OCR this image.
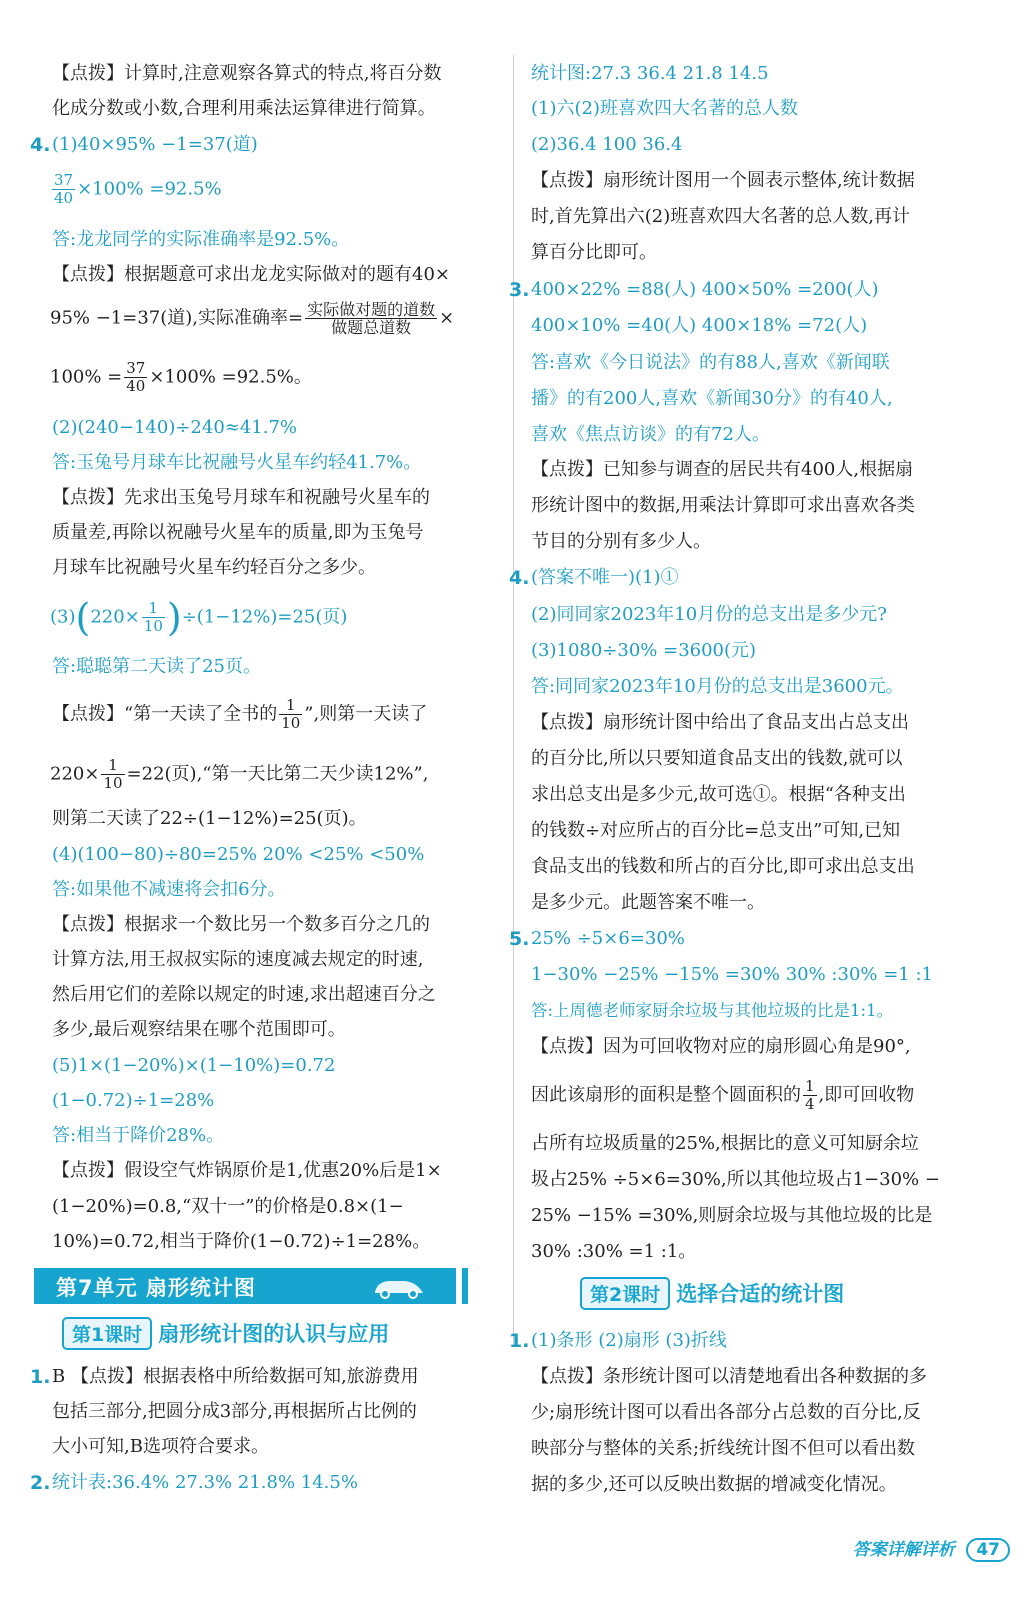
【点拨】计算时,注意观察各算式的特点,将百分数
化成分数或小数,合理利用乘法运算律进行简算。
4. (1)40×95% −1=37(道)
$\frac{37}{40} \times 100\% =92.5\%$
答:龙龙同学的实际准确率是92.5%。
【点拨】根据题意可求出龙龙实际做对的题有40×
95% −1=37(道),实际准确率= $\frac{\text{实际做对题的道数}}{\text{做题总道数}}$ ×
$100\% = \frac{37}{40} \times 100\% =92.5\%$。
(2)(240−140)÷240≈41.7%
答:玉兔号月球车比祝融号火星车约轻41.7%。
【点拨】先求出玉兔号月球车和祝融号火星车的
质量差,再除以祝融号火星车的质量,即为玉兔号
月球车比祝融号火星车约轻百分之多少。
$(3)(220\times \frac{1}{10} )\div(1-12\%)=25$(页)
答:聪聪第二天读了25页。
【点拨】“第一天读了全书的 $\frac{1}{10}$ ”,则第一天读了
$220\times \frac{1}{10} =22$(页),“第一天比第二天少读12%”,
则第二天读了22÷(1−12%)=25(页)。
(4)(100−80)÷80=25% 20% <25% <50%
答:如果他不减速将会扣6分。
【点拨】根据求一个数比另一个数多百分之几的
计算方法,用王叔叔实际的速度减去规定的时速,
然后用它们的差除以规定的时速,求出超速百分之
多少,最后观察结果在哪个范围即可。
(5)1×(1−20%)×(1−10%)=0.72
(1−0.72)÷1=28%
答:相当于降价28%。
【点拨】假设空气炸锅原价是1,优惠20%后是1×
(1−20%)=0.8,“双十一”的价格是0.8×(1−
10%)=0.72,相当于降价(1−0.72)÷1=28%。
第7单元 扇形统计图
第1课时 扇形统计图的认识与应用
1. B 【点拨】根据表格中所给数据可知,旅游费用
包括三部分,把圆分成3部分,再根据所占比例的
大小可知,B选项符合要求。
2. 统计表:36.4% 27.3% 21.8% 14.5%
统计图:27.3 36.4 21.8 14.5
(1)六(2)班喜欢四大名著的总人数
(2)36.4 100 36.4
【点拨】扇形统计图用一个圆表示整体,统计数据
时,首先算出六(2)班喜欢四大名著的总人数,再计
算百分比即可。
3. 400×22% =88(人) 400×50% =200(人)
400×10% =40(人) 400×18% =72(人)
答:喜欢《今日说法》的有88人,喜欢《新闻联
播》的有200人,喜欢《新闻30分》的有40人,
喜欢《焦点访谈》的有72人。
【点拨】已知参与调查的居民共有400人,根据扇
形统计图中的数据,用乘法计算即可求出喜欢各类
节目的分别有多少人。
4. (答案不唯一)(1)①
(2)同同家2023年10月份的总支出是多少元?
(3)1080÷30% =3600(元)
答:同同家2023年10月份的总支出是3600元。
【点拨】扇形统计图中给出了食品支出占总支出
的百分比,所以只要知道食品支出的钱数,就可以
求出总支出是多少元,故可选①。根据“各种支出
的钱数÷对应所占的百分比=总支出”可知,已知
食品支出的钱数和所占的百分比,即可求出总支出
是多少元。此题答案不唯一。
5. 25% ÷5×6=30%
1−30% −25% −15% =30% 30% :30% =1 :1
答:上周德老师家厨余垃圾与其他垃圾的比是1:1。
【点拨】因为可回收物对应的扇形圆心角是90°,
因此该扇形的面积是整个圆面积的 $\frac{1}{4}$ ,即可回收物
占所有垃圾质量的25%,根据比的意义可知厨余垃
圾占25% ÷5×6=30%,所以其他垃圾占1−30% −
25% −15% =30%,则厨余垃圾与其他垃圾的比是
30% :30% =1 :1。
第2课时 选择合适的统计图
1. (1)条形 (2)扇形 (3)折线
【点拨】条形统计图可以清楚地看出各种数据的多
少;扇形统计图可以看出各部分占总数的百分比,反
映部分与整体的关系;折线统计图不但可以看出数
据的多少,还可以反映出数据的增减变化情况。
答案详解详析 47
